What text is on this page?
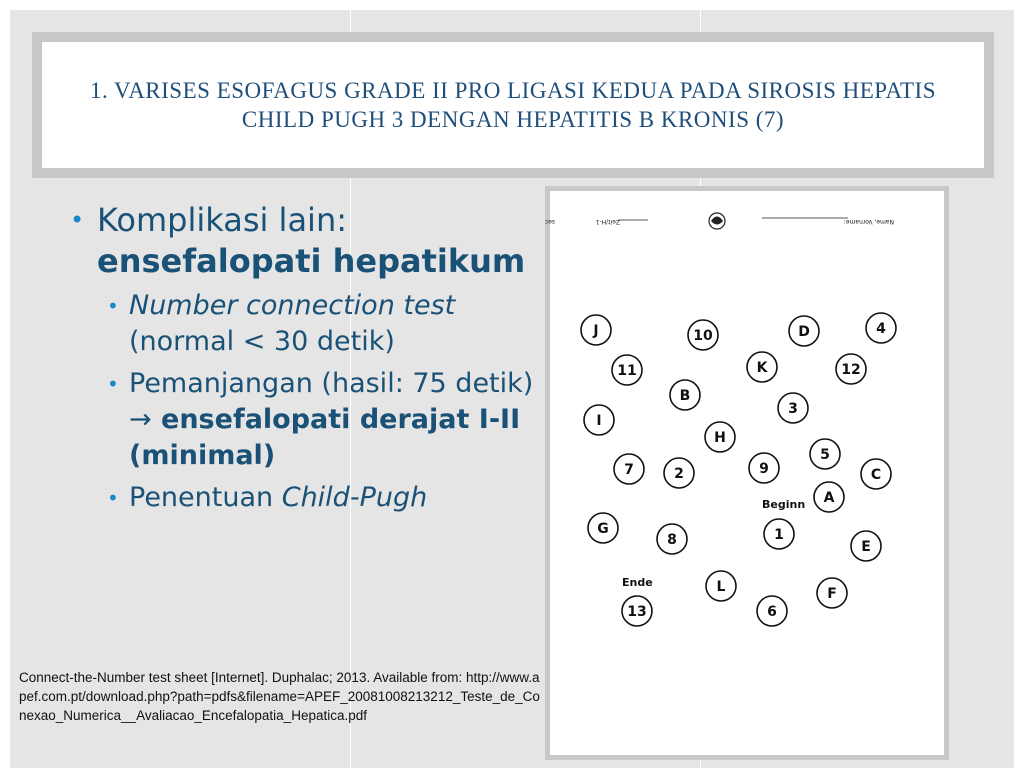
1. VARISES ESOFAGUS GRADE II PRO LIGASI KEDUA PADA SIROSIS HEPATIS CHILD PUGH 3 DENGAN HEPATITIS B KRONIS (7)
• Komplikasi lain: ensefalopati hepatikum
• Number connection test (normal < 30 detik)
• Pemanjangan (hasil: 75 detik) → ensefalopati derajat I-II (minimal)
• Penentuan Child-Pugh
Connect-the-Number test sheet [Internet]. Duphalac; 2013. Available from: http://www.apef.com.pt/download.php?path=pdfs&filename=APEF_20081008213212_Teste_de_Conexao_Numerica__Avaliacao_Encefalopatia_Hepatica.pdf
Zeit/H-1
sec	Name, Vorname:
J	10	D	4
11	K	12
B
3
I
H
5
7	2	9	C
A
G
8	1
E
L	F
13	6
Beginn
Ende
